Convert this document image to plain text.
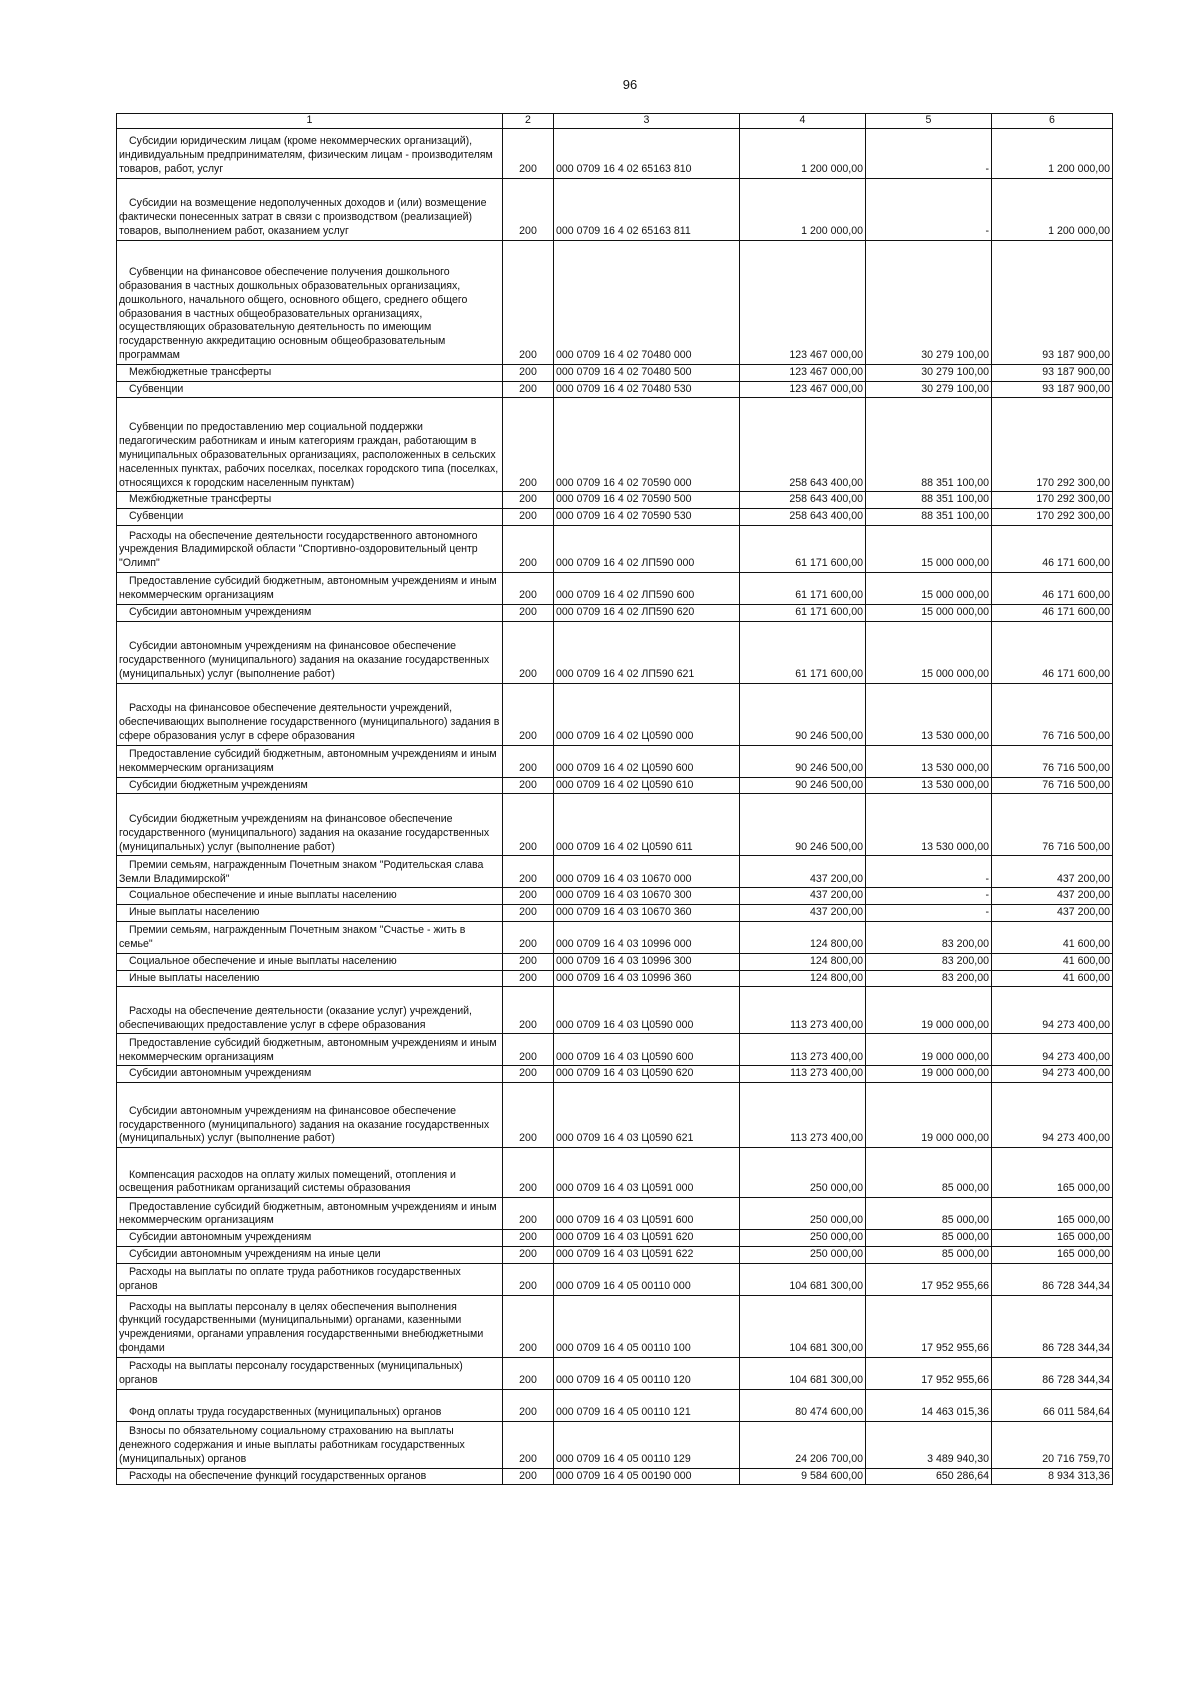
96
1	2	3	4	5	6

Субсидии юридическим лицам (кроме некоммерческих организаций), индивидуальным предпринимателям, физическим лицам - производителям товаров, работ, услуг	200	000 0709 16 4 02 65163 810	1 200 000,00	-	1 200 000,00

Субсидии на возмещение недополученных доходов и (или) возмещение фактически понесенных затрат в связи с производством (реализацией) товаров, выполнением работ, оказанием услуг	200	000 0709 16 4 02 65163 811	1 200 000,00	-	1 200 000,00

Субвенции на финансовое обеспечение получения дошкольного образования в частных дошкольных образовательных организациях, дошкольного, начального общего, основного общего, среднего общего образования в частных общеобразовательных организациях, осуществляющих образовательную деятельность по имеющим государственную аккредитацию основным общеобразовательным программам	200	000 0709 16 4 02 70480 000	123 467 000,00	30 279 100,00	93 187 900,00

Межбюджетные трансферты	200	000 0709 16 4 02 70480 500	123 467 000,00	30 279 100,00	93 187 900,00

Субвенции	200	000 0709 16 4 02 70480 530	123 467 000,00	30 279 100,00	93 187 900,00

Субвенции по предоставлению мер социальной поддержки педагогическим работникам и иным категориям граждан, работающим в муниципальных образовательных организациях, расположенных в сельских населенных пунктах, рабочих поселках, поселках городского типа (поселках, относящихся к городским населенным пунктам)	200	000 0709 16 4 02 70590 000	258 643 400,00	88 351 100,00	170 292 300,00

Межбюджетные трансферты	200	000 0709 16 4 02 70590 500	258 643 400,00	88 351 100,00	170 292 300,00

Субвенции	200	000 0709 16 4 02 70590 530	258 643 400,00	88 351 100,00	170 292 300,00

Расходы на обеспечение деятельности государственного автономного учреждения Владимирской области "Спортивно-оздоровительный центр "Олимп"	200	000 0709 16 4 02 ЛП590 000	61 171 600,00	15 000 000,00	46 171 600,00

Предоставление субсидий бюджетным, автономным учреждениям и иным некоммерческим организациям	200	000 0709 16 4 02 ЛП590 600	61 171 600,00	15 000 000,00	46 171 600,00

Субсидии автономным учреждениям	200	000 0709 16 4 02 ЛП590 620	61 171 600,00	15 000 000,00	46 171 600,00

Субсидии автономным учреждениям на финансовое обеспечение государственного (муниципального) задания на оказание государственных (муниципальных) услуг (выполнение работ)	200	000 0709 16 4 02 ЛП590 621	61 171 600,00	15 000 000,00	46 171 600,00

Расходы на финансовое обеспечение деятельности учреждений, обеспечивающих выполнение государственного (муниципального) задания в сфере образования услуг в сфере образования	200	000 0709 16 4 02 Ц0590 000	90 246 500,00	13 530 000,00	76 716 500,00

Предоставление субсидий бюджетным, автономным учреждениям и иным некоммерческим организациям	200	000 0709 16 4 02 Ц0590 600	90 246 500,00	13 530 000,00	76 716 500,00

Субсидии бюджетным учреждениям	200	000 0709 16 4 02 Ц0590 610	90 246 500,00	13 530 000,00	76 716 500,00

Субсидии бюджетным учреждениям на финансовое обеспечение государственного (муниципального) задания на оказание государственных (муниципальных) услуг (выполнение работ)	200	000 0709 16 4 02 Ц0590 611	90 246 500,00	13 530 000,00	76 716 500,00

Премии семьям, награжденным Почетным знаком "Родительская слава Земли Владимирской"	200	000 0709 16 4 03 10670 000	437 200,00	-	437 200,00

Социальное обеспечение и иные выплаты населению	200	000 0709 16 4 03 10670 300	437 200,00	-	437 200,00

Иные выплаты населению	200	000 0709 16 4 03 10670 360	437 200,00	-	437 200,00

Премии семьям, награжденным Почетным знаком "Счастье - жить в семье"	200	000 0709 16 4 03 10996 000	124 800,00	83 200,00	41 600,00

Социальное обеспечение и иные выплаты населению	200	000 0709 16 4 03 10996 300	124 800,00	83 200,00	41 600,00

Иные выплаты населению	200	000 0709 16 4 03 10996 360	124 800,00	83 200,00	41 600,00

Расходы на обеспечение деятельности (оказание услуг) учреждений, обеспечивающих предоставление услуг в сфере образования	200	000 0709 16 4 03 Ц0590 000	113 273 400,00	19 000 000,00	94 273 400,00

Предоставление субсидий бюджетным, автономным учреждениям и иным некоммерческим организациям	200	000 0709 16 4 03 Ц0590 600	113 273 400,00	19 000 000,00	94 273 400,00

Субсидии автономным учреждениям	200	000 0709 16 4 03 Ц0590 620	113 273 400,00	19 000 000,00	94 273 400,00

Субсидии автономным учреждениям на финансовое обеспечение государственного (муниципального) задания на оказание государственных (муниципальных) услуг (выполнение работ)	200	000 0709 16 4 03 Ц0590 621	113 273 400,00	19 000 000,00	94 273 400,00

Компенсация расходов на оплату жилых помещений, отопления и освещения работникам организаций системы образования	200	000 0709 16 4 03 Ц0591 000	250 000,00	85 000,00	165 000,00

Предоставление субсидий бюджетным, автономным учреждениям и иным некоммерческим организациям	200	000 0709 16 4 03 Ц0591 600	250 000,00	85 000,00	165 000,00

Субсидии автономным учреждениям	200	000 0709 16 4 03 Ц0591 620	250 000,00	85 000,00	165 000,00

Субсидии автономным учреждениям на иные цели	200	000 0709 16 4 03 Ц0591 622	250 000,00	85 000,00	165 000,00

Расходы на выплаты по оплате труда работников государственных органов	200	000 0709 16 4 05 00110 000	104 681 300,00	17 952 955,66	86 728 344,34

Расходы на выплаты персоналу в целях обеспечения выполнения функций государственными (муниципальными) органами, казенными учреждениями, органами управления государственными внебюджетными фондами	200	000 0709 16 4 05 00110 100	104 681 300,00	17 952 955,66	86 728 344,34

Расходы на выплаты персоналу государственных (муниципальных) органов	200	000 0709 16 4 05 00110 120	104 681 300,00	17 952 955,66	86 728 344,34

Фонд оплаты труда государственных (муниципальных) органов	200	000 0709 16 4 05 00110 121	80 474 600,00	14 463 015,36	66 011 584,64

Взносы по обязательному социальному страхованию на выплаты денежного содержания и иные выплаты работникам государственных (муниципальных) органов	200	000 0709 16 4 05 00110 129	24 206 700,00	3 489 940,30	20 716 759,70

Расходы на обеспечение функций государственных органов	200	000 0709 16 4 05 00190 000	9 584 600,00	650 286,64	8 934 313,36
